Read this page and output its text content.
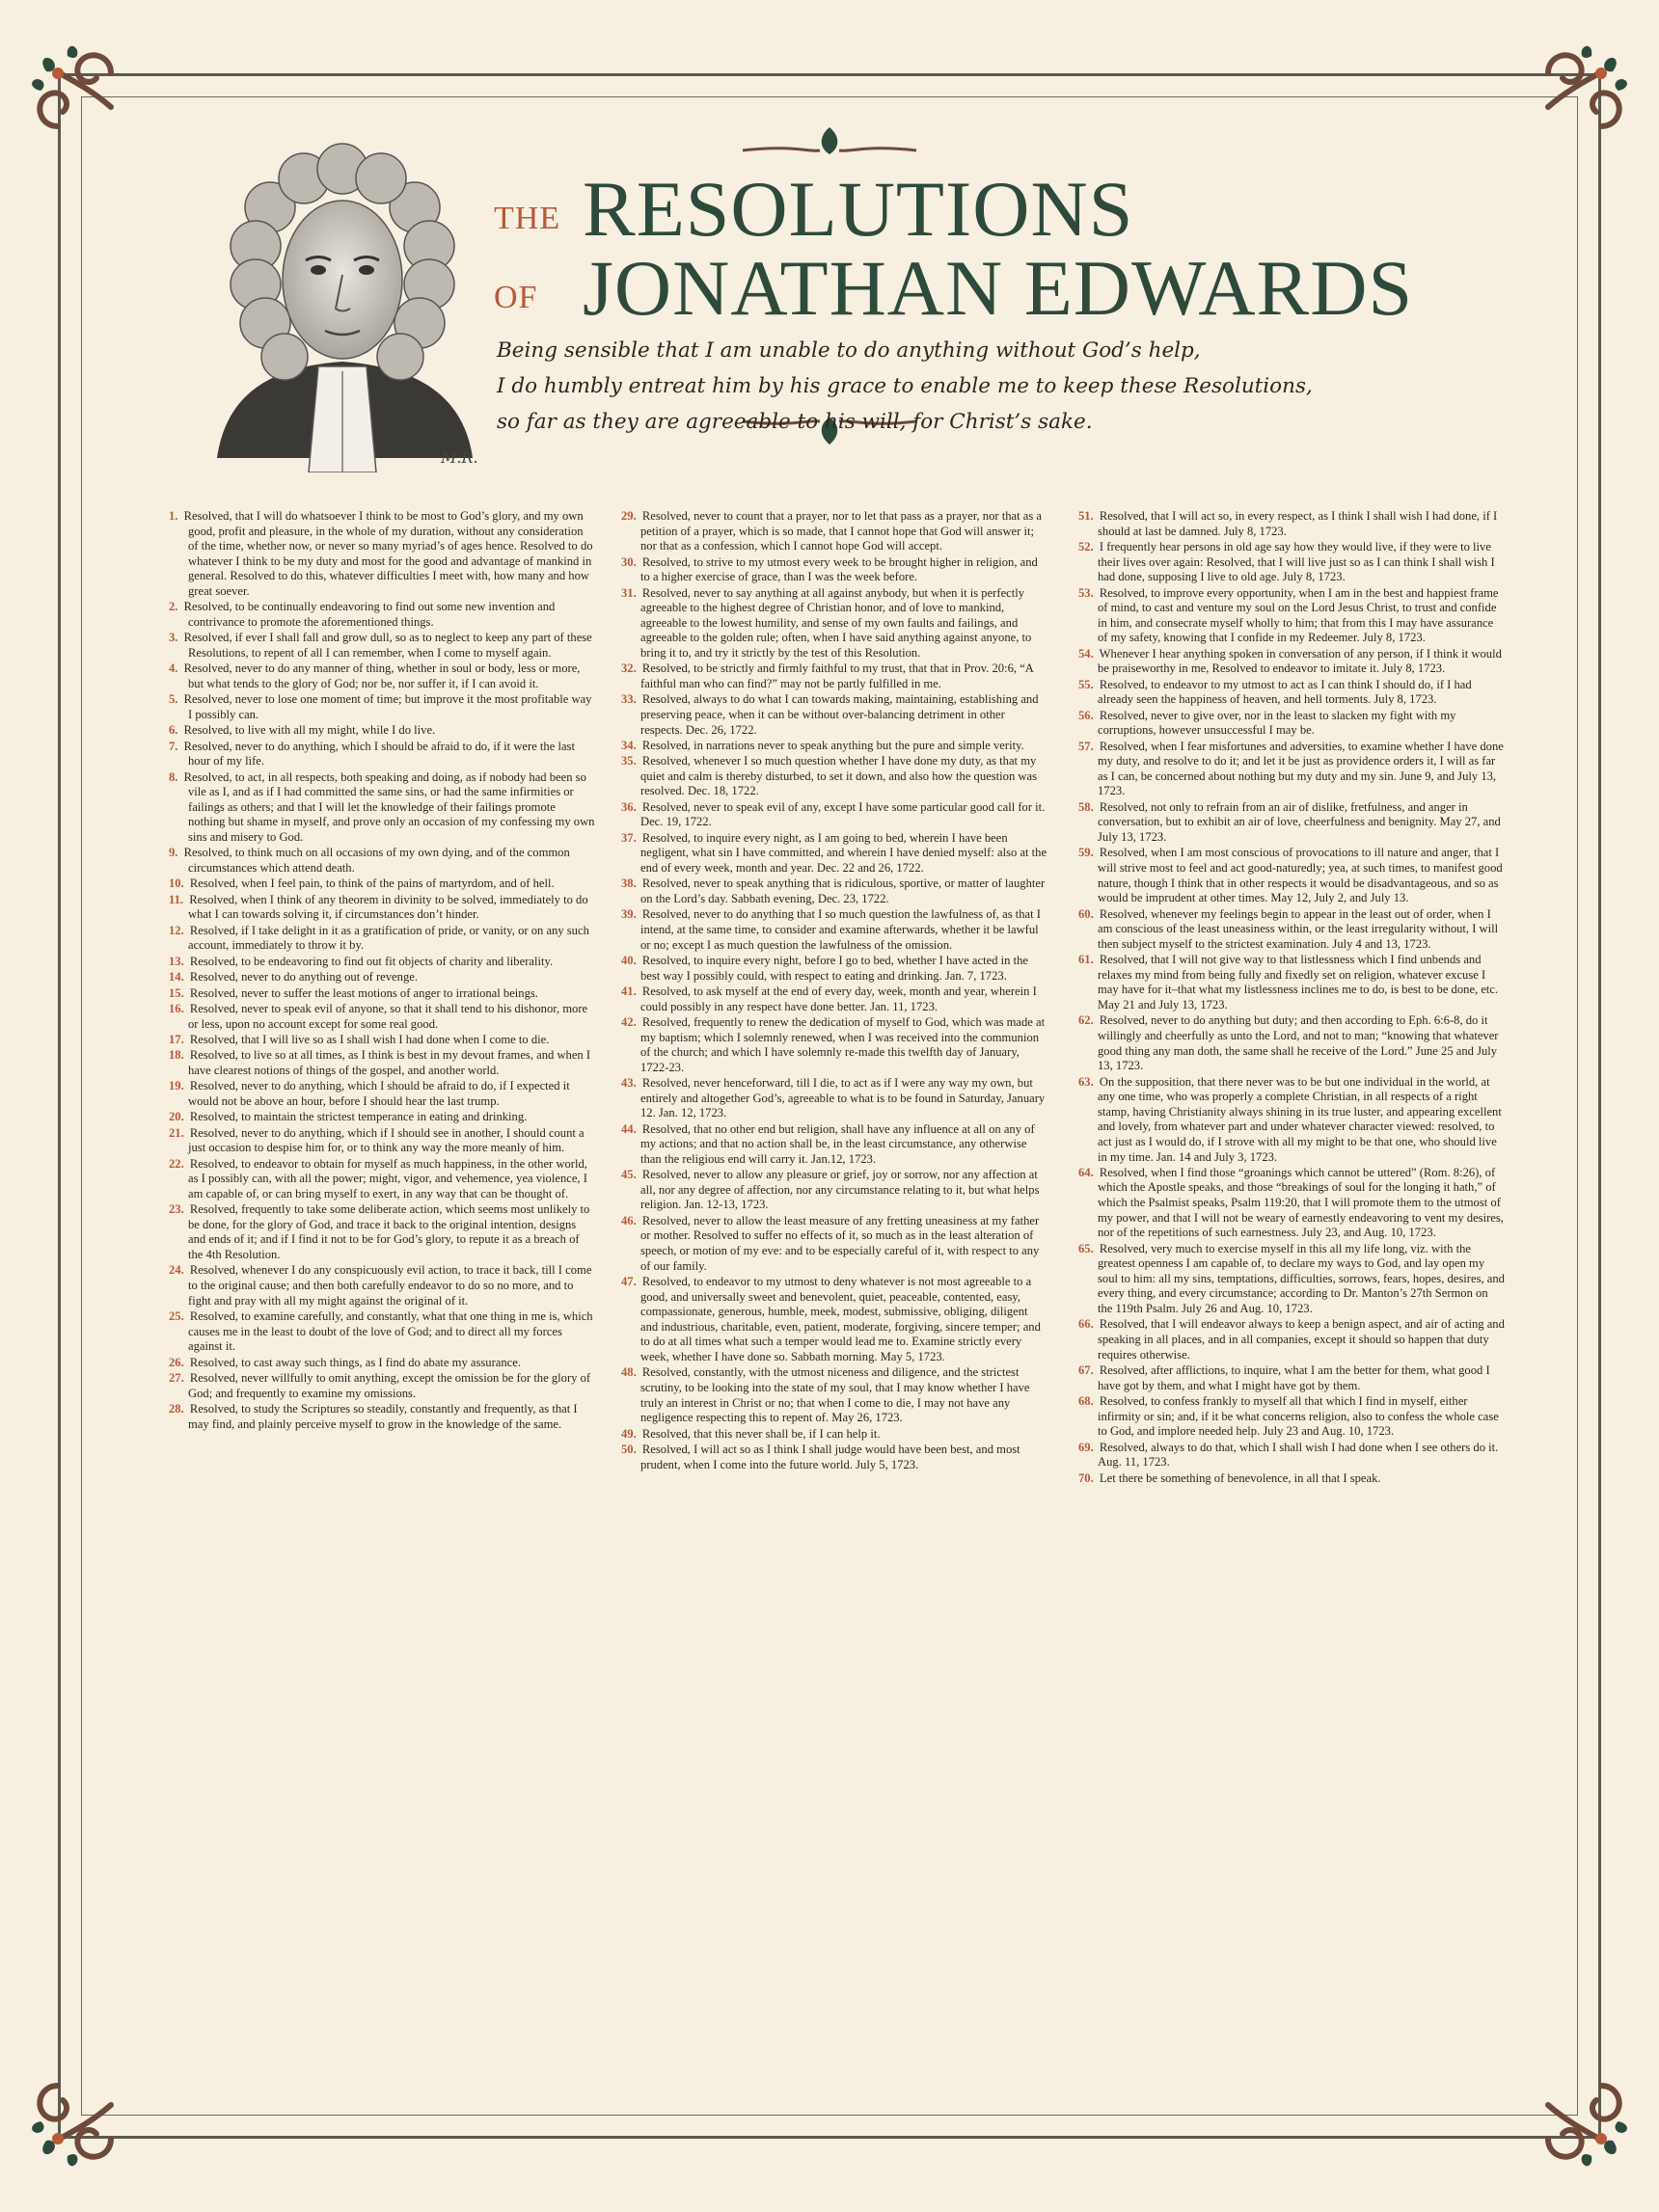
M.R.
THE RESOLUTIONS
OF JONATHAN EDWARDS
Being sensible that I am unable to do anything without God’s help,
I do humbly entreat him by his grace to enable me to keep these Resolutions,
so far as they are agreeable to his will, for Christ’s sake.

1. Resolved, that I will do whatsoever I think to be most to God’s glory, and my own good, profit and pleasure, in the whole of my duration, without any consideration of the time, whether now, or never so many myriad’s of ages hence. Resolved to do whatever I think to be my duty and most for the good and advantage of mankind in general. Resolved to do this, whatever difficulties I meet with, how many and how great soever.

2. Resolved, to be continually endeavoring to find out some new invention and contrivance to promote the aforementioned things.

3. Resolved, if ever I shall fall and grow dull, so as to neglect to keep any part of these Resolutions, to repent of all I can remember, when I come to myself again.

4. Resolved, never to do any manner of thing, whether in soul or body, less or more, but what tends to the glory of God; nor be, nor suffer it, if I can avoid it.

5. Resolved, never to lose one moment of time; but improve it the most profitable way I possibly can.

6. Resolved, to live with all my might, while I do live.

7. Resolved, never to do anything, which I should be afraid to do, if it were the last hour of my life.

8. Resolved, to act, in all respects, both speaking and doing, as if nobody had been so vile as I, and as if I had committed the same sins, or had the same infirmities or failings as others; and that I will let the knowledge of their failings promote nothing but shame in myself, and prove only an occasion of my confessing my own sins and misery to God.

9. Resolved, to think much on all occasions of my own dying, and of the common circumstances which attend death.

10. Resolved, when I feel pain, to think of the pains of martyrdom, and of hell.

11. Resolved, when I think of any theorem in divinity to be solved, immediately to do what I can towards solving it, if circumstances don’t hinder.

12. Resolved, if I take delight in it as a gratification of pride, or vanity, or on any such account, immediately to throw it by.

13. Resolved, to be endeavoring to find out fit objects of charity and liberality.

14. Resolved, never to do anything out of revenge.

15. Resolved, never to suffer the least motions of anger to irrational beings.

16. Resolved, never to speak evil of anyone, so that it shall tend to his dishonor, more or less, upon no account except for some real good.

17. Resolved, that I will live so as I shall wish I had done when I come to die.

18. Resolved, to live so at all times, as I think is best in my devout frames, and when I have clearest notions of things of the gospel, and another world.

19. Resolved, never to do anything, which I should be afraid to do, if I expected it would not be above an hour, before I should hear the last trump.

20. Resolved, to maintain the strictest temperance in eating and drinking.

21. Resolved, never to do anything, which if I should see in another, I should count a just occasion to despise him for, or to think any way the more meanly of him.

22. Resolved, to endeavor to obtain for myself as much happiness, in the other world, as I possibly can, with all the power; might, vigor, and vehemence, yea violence, I am capable of, or can bring myself to exert, in any way that can be thought of.

23. Resolved, frequently to take some deliberate action, which seems most unlikely to be done, for the glory of God, and trace it back to the original intention, designs and ends of it; and if I find it not to be for God’s glory, to repute it as a breach of the 4th Resolution.

24. Resolved, whenever I do any conspicuously evil action, to trace it back, till I come to the original cause; and then both carefully endeavor to do so no more, and to fight and pray with all my might against the original of it.

25. Resolved, to examine carefully, and constantly, what that one thing in me is, which causes me in the least to doubt of the love of God; and to direct all my forces against it.

26. Resolved, to cast away such things, as I find do abate my assurance.

27. Resolved, never willfully to omit anything, except the omission be for the glory of God; and frequently to examine my omissions.

28. Resolved, to study the Scriptures so steadily, constantly and frequently, as that I may find, and plainly perceive myself to grow in the knowledge of the same.

29. Resolved, never to count that a prayer, nor to let that pass as a prayer, nor that as a petition of a prayer, which is so made, that I cannot hope that God will answer it; nor that as a confession, which I cannot hope God will accept.

30. Resolved, to strive to my utmost every week to be brought higher in religion, and to a higher exercise of grace, than I was the week before.

31. Resolved, never to say anything at all against anybody, but when it is perfectly agreeable to the highest degree of Christian honor, and of love to mankind, agreeable to the lowest humility, and sense of my own faults and failings, and agreeable to the golden rule; often, when I have said anything against anyone, to bring it to, and try it strictly by the test of this Resolution.

32. Resolved, to be strictly and firmly faithful to my trust, that that in Prov. 20:6, “A faithful man who can find?” may not be partly fulfilled in me.

33. Resolved, always to do what I can towards making, maintaining, establishing and preserving peace, when it can be without over-balancing detriment in other respects. Dec. 26, 1722.

34. Resolved, in narrations never to speak anything but the pure and simple verity.

35. Resolved, whenever I so much question whether I have done my duty, as that my quiet and calm is thereby disturbed, to set it down, and also how the question was resolved. Dec. 18, 1722.

36. Resolved, never to speak evil of any, except I have some particular good call for it. Dec. 19, 1722.

37. Resolved, to inquire every night, as I am going to bed, wherein I have been negligent, what sin I have committed, and wherein I have denied myself: also at the end of every week, month and year. Dec. 22 and 26, 1722.

38. Resolved, never to speak anything that is ridiculous, sportive, or matter of laughter on the Lord’s day. Sabbath evening, Dec. 23, 1722.

39. Resolved, never to do anything that I so much question the lawfulness of, as that I intend, at the same time, to consider and examine afterwards, whether it be lawful or no; except I as much question the lawfulness of the omission.

40. Resolved, to inquire every night, before I go to bed, whether I have acted in the best way I possibly could, with respect to eating and drinking. Jan. 7, 1723.

41. Resolved, to ask myself at the end of every day, week, month and year, wherein I could possibly in any respect have done better. Jan. 11, 1723.

42. Resolved, frequently to renew the dedication of myself to God, which was made at my baptism; which I solemnly renewed, when I was received into the communion of the church; and which I have solemnly re-made this twelfth day of January, 1722-23.

43. Resolved, never henceforward, till I die, to act as if I were any way my own, but entirely and altogether God’s, agreeable to what is to be found in Saturday, January 12. Jan. 12, 1723.

44. Resolved, that no other end but religion, shall have any influence at all on any of my actions; and that no action shall be, in the least circumstance, any otherwise than the religious end will carry it. Jan.12, 1723.

45. Resolved, never to allow any pleasure or grief, joy or sorrow, nor any affection at all, nor any degree of affection, nor any circumstance relating to it, but what helps religion. Jan. 12-13, 1723.

46. Resolved, never to allow the least measure of any fretting uneasiness at my father or mother. Resolved to suffer no effects of it, so much as in the least alteration of speech, or motion of my eve: and to be especially careful of it, with respect to any of our family.

47. Resolved, to endeavor to my utmost to deny whatever is not most agreeable to a good, and universally sweet and benevolent, quiet, peaceable, contented, easy, compassionate, generous, humble, meek, modest, submissive, obliging, diligent and industrious, charitable, even, patient, moderate, forgiving, sincere temper; and to do at all times what such a temper would lead me to. Examine strictly every week, whether I have done so. Sabbath morning. May 5, 1723.

48. Resolved, constantly, with the utmost niceness and diligence, and the strictest scrutiny, to be looking into the state of my soul, that I may know whether I have truly an interest in Christ or no; that when I come to die, I may not have any negligence respecting this to repent of. May 26, 1723.

49. Resolved, that this never shall be, if I can help it.

50. Resolved, I will act so as I think I shall judge would have been best, and most prudent, when I come into the future world. July 5, 1723.

51. Resolved, that I will act so, in every respect, as I think I shall wish I had done, if I should at last be damned. July 8, 1723.

52. I frequently hear persons in old age say how they would live, if they were to live their lives over again: Resolved, that I will live just so as I can think I shall wish I had done, supposing I live to old age. July 8, 1723.

53. Resolved, to improve every opportunity, when I am in the best and happiest frame of mind, to cast and venture my soul on the Lord Jesus Christ, to trust and confide in him, and consecrate myself wholly to him; that from this I may have assurance of my safety, knowing that I confide in my Redeemer. July 8, 1723.

54. Whenever I hear anything spoken in conversation of any person, if I think it would be praiseworthy in me, Resolved to endeavor to imitate it. July 8, 1723.

55. Resolved, to endeavor to my utmost to act as I can think I should do, if I had already seen the happiness of heaven, and hell torments. July 8, 1723.

56. Resolved, never to give over, nor in the least to slacken my fight with my corruptions, however unsuccessful I may be.

57. Resolved, when I fear misfortunes and adversities, to examine whether I have done my duty, and resolve to do it; and let it be just as providence orders it, I will as far as I can, be concerned about nothing but my duty and my sin. June 9, and July 13, 1723.

58. Resolved, not only to refrain from an air of dislike, fretfulness, and anger in conversation, but to exhibit an air of love, cheerfulness and benignity. May 27, and July 13, 1723.

59. Resolved, when I am most conscious of provocations to ill nature and anger, that I will strive most to feel and act good-naturedly; yea, at such times, to manifest good nature, though I think that in other respects it would be disadvantageous, and so as would be imprudent at other times. May 12, July 2, and July 13.

60. Resolved, whenever my feelings begin to appear in the least out of order, when I am conscious of the least uneasiness within, or the least irregularity without, I will then subject myself to the strictest examination. July 4 and 13, 1723.

61. Resolved, that I will not give way to that listlessness which I find unbends and relaxes my mind from being fully and fixedly set on religion, whatever excuse I may have for it–that what my listlessness inclines me to do, is best to be done, etc. May 21 and July 13, 1723.

62. Resolved, never to do anything but duty; and then according to Eph. 6:6-8, do it willingly and cheerfully as unto the Lord, and not to man; “knowing that whatever good thing any man doth, the same shall he receive of the Lord.” June 25 and July 13, 1723.

63. On the supposition, that there never was to be but one individual in the world, at any one time, who was properly a complete Christian, in all respects of a right stamp, having Christianity always shining in its true luster, and appearing excellent and lovely, from whatever part and under whatever character viewed: resolved, to act just as I would do, if I strove with all my might to be that one, who should live in my time. Jan. 14 and July 3, 1723.

64. Resolved, when I find those “groanings which cannot be uttered” (Rom. 8:26), of which the Apostle speaks, and those “breakings of soul for the longing it hath,” of which the Psalmist speaks, Psalm 119:20, that I will promote them to the utmost of my power, and that I will not be weary of earnestly endeavoring to vent my desires, nor of the repetitions of such earnestness. July 23, and Aug. 10, 1723.

65. Resolved, very much to exercise myself in this all my life long, viz. with the greatest openness I am capable of, to declare my ways to God, and lay open my soul to him: all my sins, temptations, difficulties, sorrows, fears, hopes, desires, and every thing, and every circumstance; according to Dr. Manton’s 27th Sermon on the 119th Psalm. July 26 and Aug. 10, 1723.

66. Resolved, that I will endeavor always to keep a benign aspect, and air of acting and speaking in all places, and in all companies, except it should so happen that duty requires otherwise.

67. Resolved, after afflictions, to inquire, what I am the better for them, what good I have got by them, and what I might have got by them.

68. Resolved, to confess frankly to myself all that which I find in myself, either infirmity or sin; and, if it be what concerns religion, also to confess the whole case to God, and implore needed help. July 23 and Aug. 10, 1723.

69. Resolved, always to do that, which I shall wish I had done when I see others do it. Aug. 11, 1723.

70. Let there be something of benevolence, in all that I speak.
